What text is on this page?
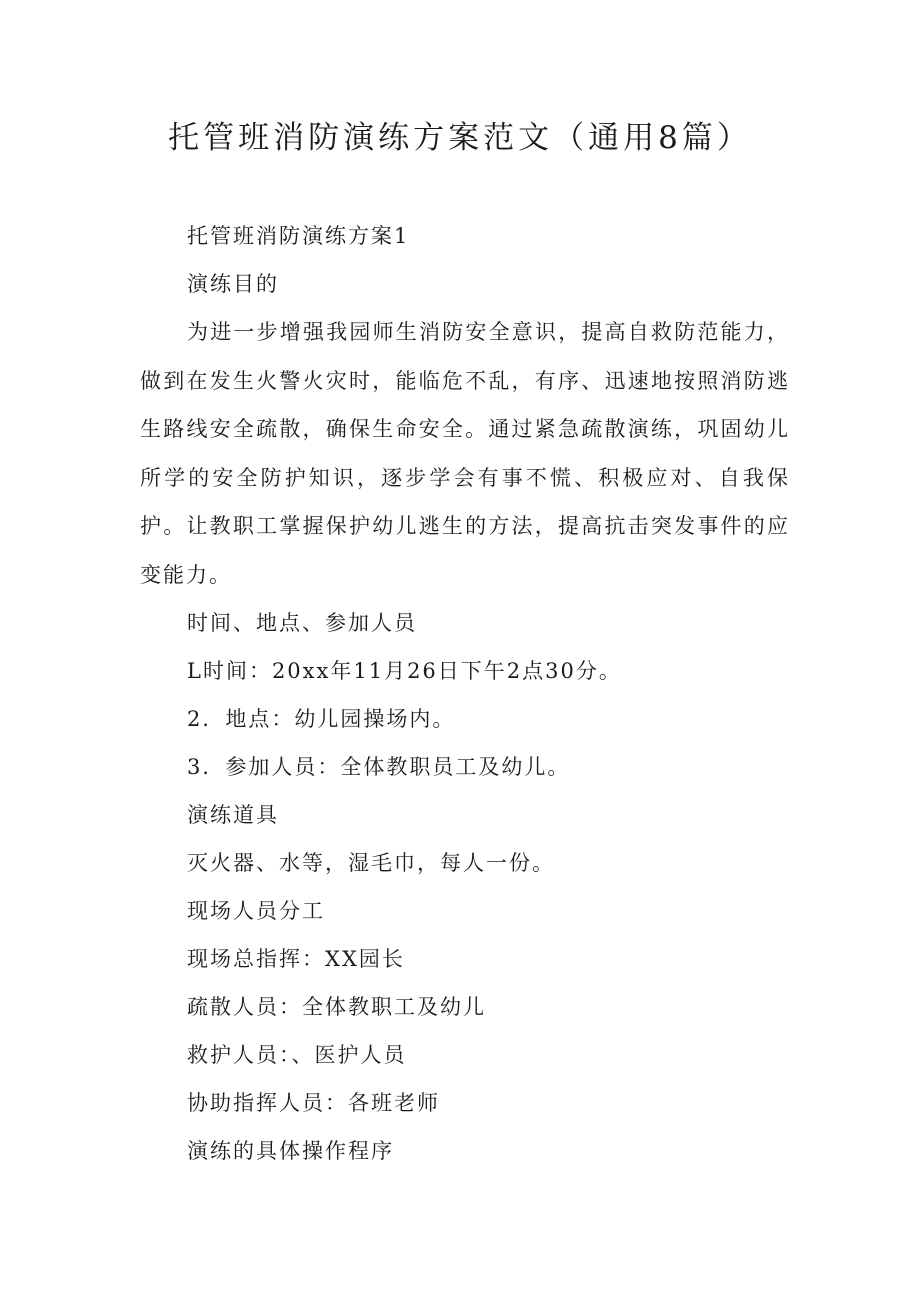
托管班消防演练方案范文（通用8篇）

托管班消防演练方案1

演练目的

为进一步增强我园师生消防安全意识，提高自救防范能力，做到在发生火警火灾时，能临危不乱，有序、迅速地按照消防逃生路线安全疏散，确保生命安全。通过紧急疏散演练，巩固幼儿所学的安全防护知识，逐步学会有事不慌、积极应对、自我保护。让教职工掌握保护幼儿逃生的方法，提高抗击突发事件的应变能力。

时间、地点、参加人员

L时间：20xx年11月26日下午2点30分。

2．地点：幼儿园操场内。

3．参加人员：全体教职员工及幼儿。

演练道具

灭火器、水等，湿毛巾，每人一份。

现场人员分工

现场总指挥：XX园长

疏散人员：全体教职工及幼儿

救护人员：、医护人员

协助指挥人员：各班老师

演练的具体操作程序
